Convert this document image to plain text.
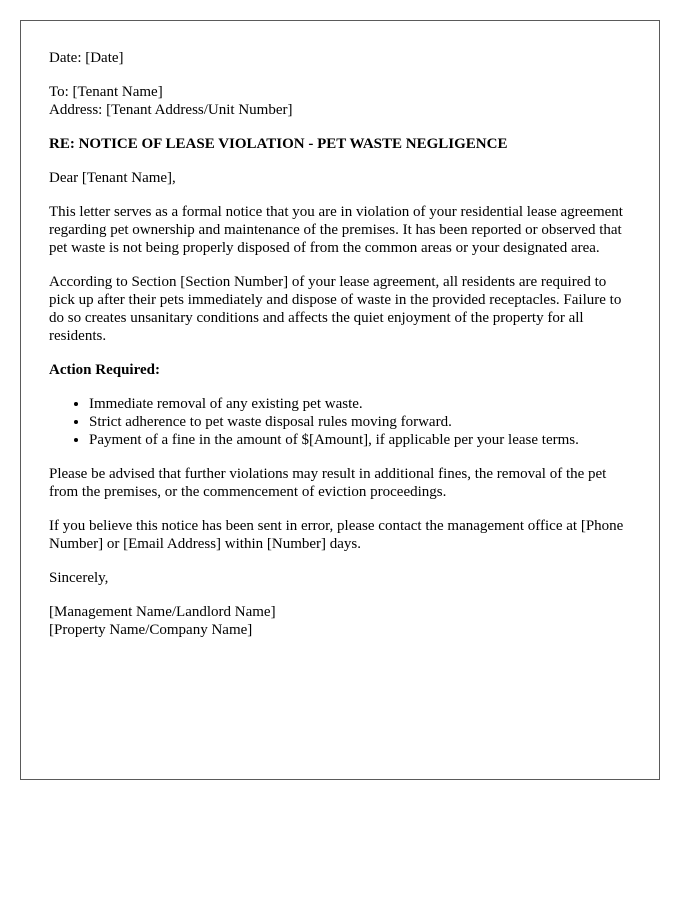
Date: [Date]
To: [Tenant Name]
Address: [Tenant Address/Unit Number]
RE: NOTICE OF LEASE VIOLATION - PET WASTE NEGLIGENCE
Dear [Tenant Name],
This letter serves as a formal notice that you are in violation of your residential lease agreement regarding pet ownership and maintenance of the premises. It has been reported or observed that pet waste is not being properly disposed of from the common areas or your designated area.
According to Section [Section Number] of your lease agreement, all residents are required to pick up after their pets immediately and dispose of waste in the provided receptacles. Failure to do so creates unsanitary conditions and affects the quiet enjoyment of the property for all residents.
Action Required:
• Immediate removal of any existing pet waste.
• Strict adherence to pet waste disposal rules moving forward.
• Payment of a fine in the amount of $[Amount], if applicable per your lease terms.
Please be advised that further violations may result in additional fines, the removal of the pet from the premises, or the commencement of eviction proceedings.
If you believe this notice has been sent in error, please contact the management office at [Phone Number] or [Email Address] within [Number] days.
Sincerely,
[Management Name/Landlord Name]
[Property Name/Company Name]
